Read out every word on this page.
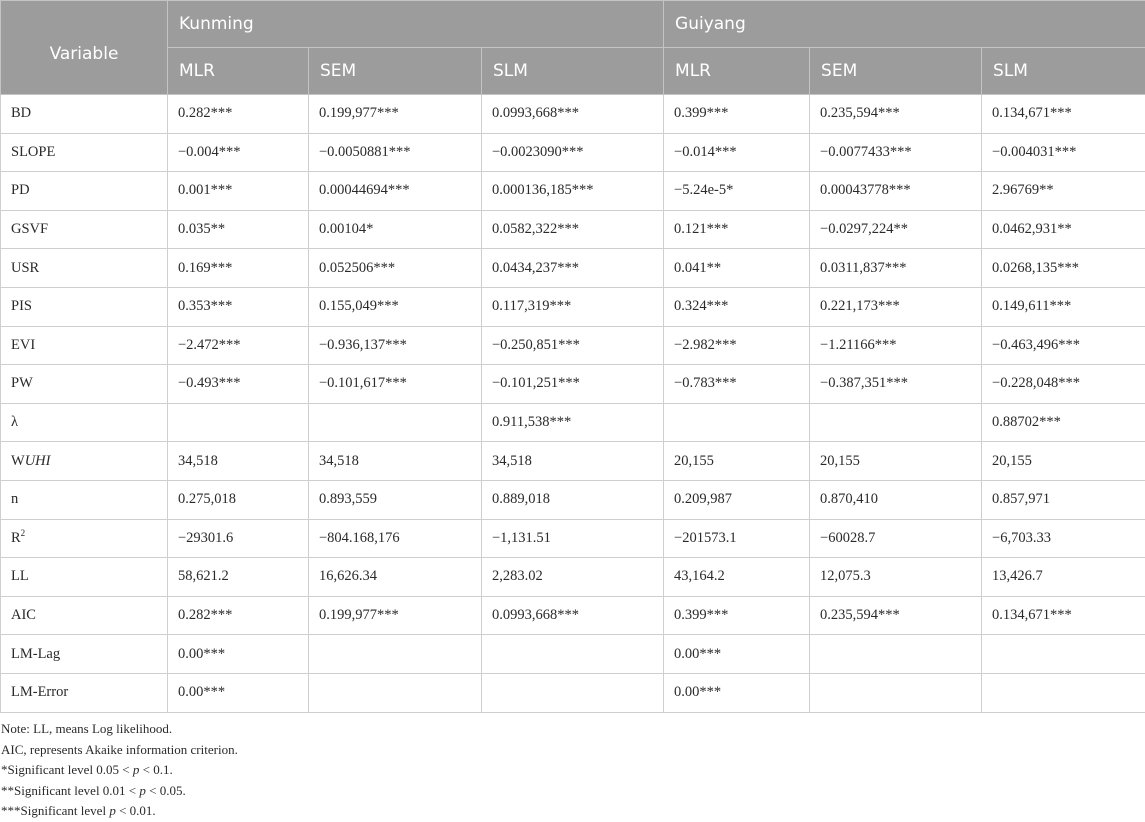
Variable	Kunming			Guiyang		
	MLR	SEM	SLM	MLR	SEM	SLM
BD	0.282***	0.199,977***	0.0993,668***	0.399***	0.235,594***	0.134,671***
SLOPE	−0.004***	−0.0050881***	−0.0023090***	−0.014***	−0.0077433***	−0.004031***
PD	0.001***	0.00044694***	0.000136,185***	−5.24e-5*	0.00043778***	2.96769**
GSVF	0.035**	0.00104*	0.0582,322***	0.121***	−0.0297,224**	0.0462,931**
USR	0.169***	0.052506***	0.0434,237***	0.041**	0.0311,837***	0.0268,135***
PIS	0.353***	0.155,049***	0.117,319***	0.324***	0.221,173***	0.149,611***
EVI	−2.472***	−0.936,137***	−0.250,851***	−2.982***	−1.21166***	−0.463,496***
PW	−0.493***	−0.101,617***	−0.101,251***	−0.783***	−0.387,351***	−0.228,048***
λ			0.911,538***			0.88702***
WUHI	34,518	34,518	34,518	20,155	20,155	20,155
n	0.275,018	0.893,559	0.889,018	0.209,987	0.870,410	0.857,971
$R^2$	−29301.6	−804.168,176	−1,131.51	−201573.1	−60028.7	−6,703.33
LL	58,621.2	16,626.34	2,283.02	43,164.2	12,075.3	13,426.7
AIC	0.282***	0.199,977***	0.0993,668***	0.399***	0.235,594***	0.134,671***
LM-Lag	0.00***			0.00***		
LM-Error	0.00***			0.00***		

Note: LL, means Log likelihood.

AIC, represents Akaike information criterion.

*Significant level 0.05 < p < 0.1.

**Significant level 0.01 < p < 0.05.

***Significant level p < 0.01.
